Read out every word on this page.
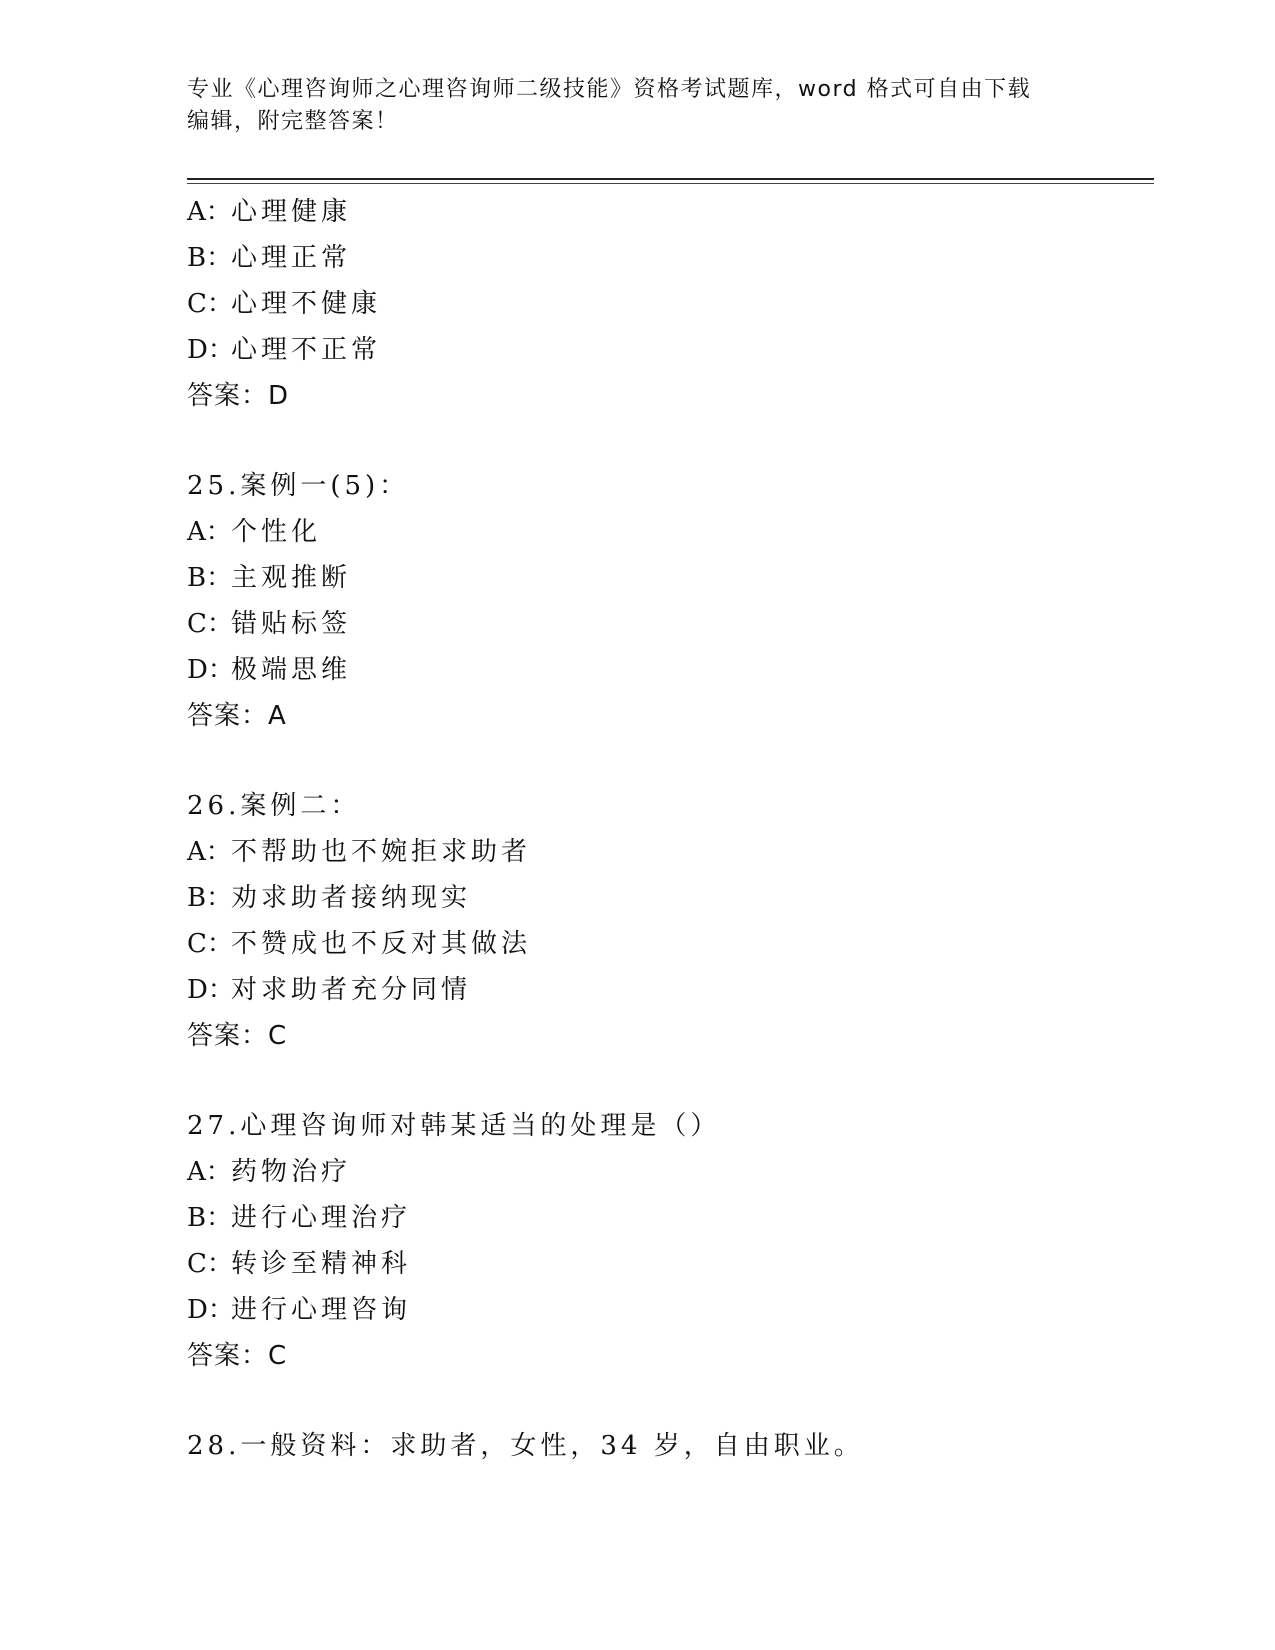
专业《心理咨询师之心理咨询师二级技能》资格考试题库，word 格式可自由下载
编辑，附完整答案！
A：心理健康
B：心理正常
C：心理不健康
D：心理不正常
答案：D
25.案例一(5)：
A：个性化
B：主观推断
C：错贴标签
D：极端思维
答案：A
26.案例二：
A：不帮助也不婉拒求助者
B：劝求助者接纳现实
C：不赞成也不反对其做法
D：对求助者充分同情
答案：C
27.心理咨询师对韩某适当的处理是（）
A：药物治疗
B：进行心理治疗
C：转诊至精神科
D：进行心理咨询
答案：C
28.一般资料：求助者，女性，34 岁，自由职业。
